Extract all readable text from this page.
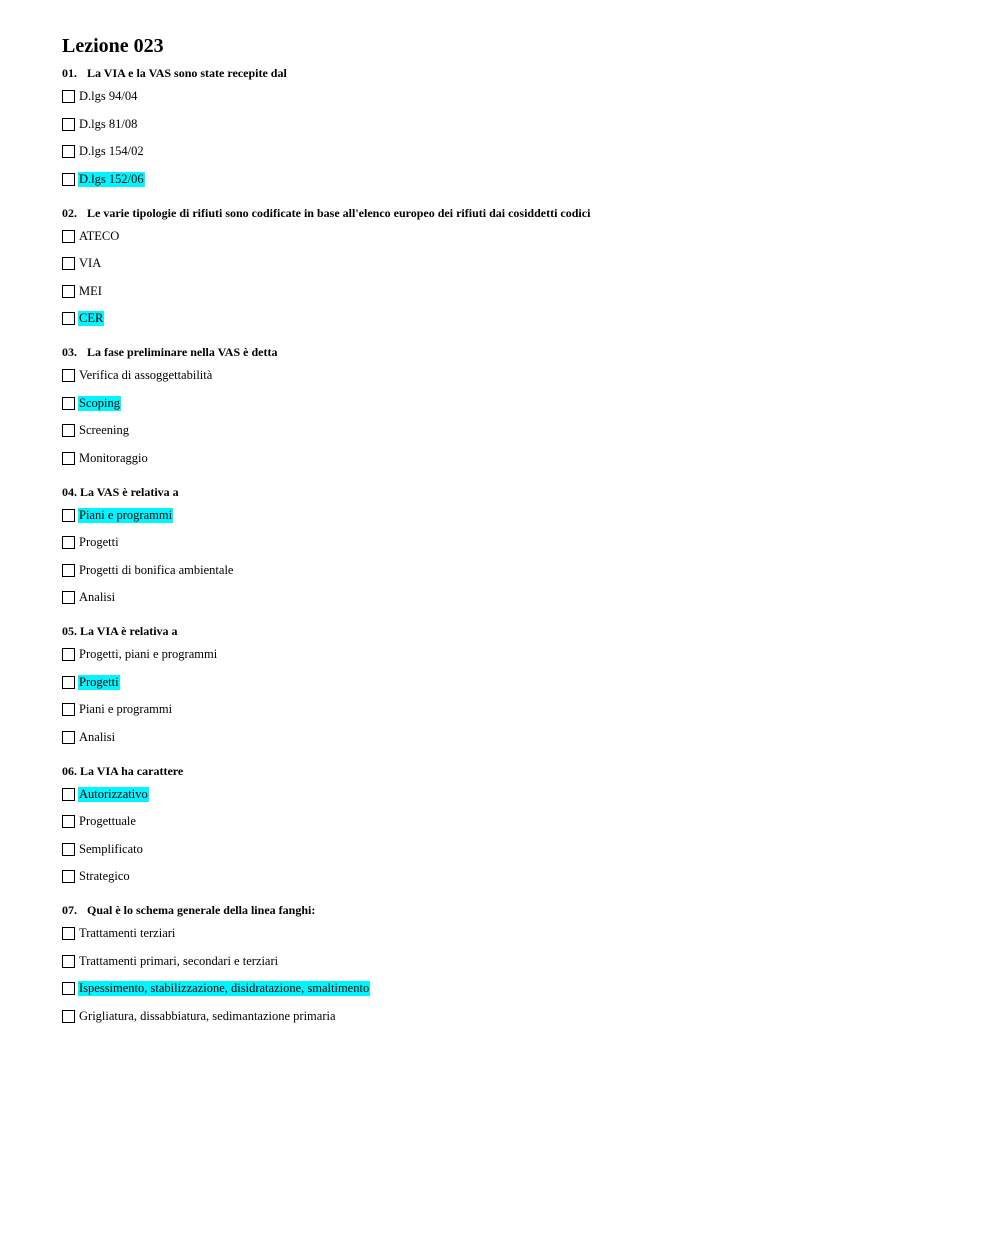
Lezione 023
01. La VIA e la VAS sono state recepite dal
D.lgs 94/04
D.lgs 81/08
D.lgs 154/02
D.lgs 152/06
02. Le varie tipologie di rifiuti sono codificate in base all'elenco europeo dei rifiuti dai cosiddetti codici
ATECO
VIA
MEI
CER
03. La fase preliminare nella VAS è detta
Verifica di assoggettabilità
Scoping
Screening
Monitoraggio
04. La VAS è relativa a
Piani e programmi
Progetti
Progetti di bonifica ambientale
Analisi
05. La VIA è relativa a
Progetti, piani e programmi
Progetti
Piani e programmi
Analisi
06. La VIA ha carattere
Autorizzativo
Progettuale
Semplificato
Strategico
07. Qual è lo schema generale della linea fanghi:
Trattamenti terziari
Trattamenti primari, secondari e terziari
Ispessimento, stabilizzazione, disidratazione, smaltimento
Grigliatura, dissabbiatura, sedimantazione primaria
